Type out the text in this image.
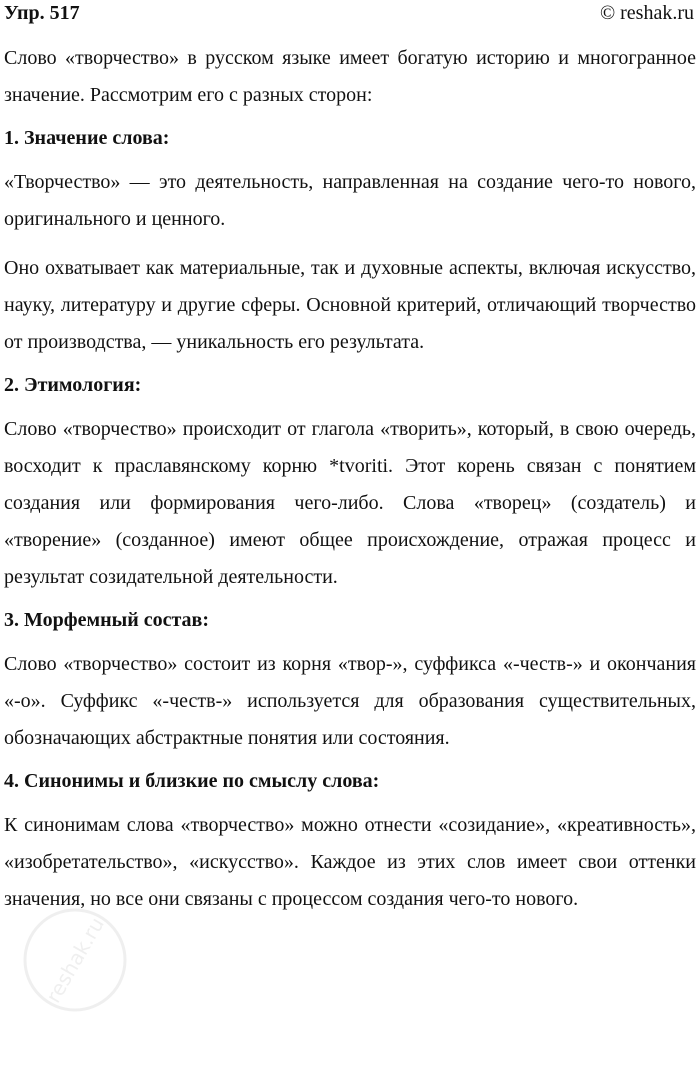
Упр. 517	© reshak.ru

Слово «творчество» в русском языке имеет богатую историю и многогранное значение. Рассмотрим его с разных сторон:

1. Значение слова:

«Творчество» — это деятельность, направленная на создание чего-то нового, оригинального и ценного.

Оно охватывает как материальные, так и духовные аспекты, включая искусство, науку, литературу и другие сферы. Основной критерий, отличающий творчество от производства, — уникальность его результата.

2. Этимология:

Слово «творчество» происходит от глагола «творить», который, в свою очередь, восходит к праславянскому корню *tvoriti. Этот корень связан с понятием создания или формирования чего-либо. Слова «творец» (создатель) и «творение» (созданное) имеют общее происхождение, отражая процесс и результат созидательной деятельности.

3. Морфемный состав:

Слово «творчество» состоит из корня «твор-», суффикса «-честв-» и окончания «-о». Суффикс «-честв-» используется для образования существительных, обозначающих абстрактные понятия или состояния.

4. Синонимы и близкие по смыслу слова:

К синонимам слова «творчество» можно отнести «созидание», «креативность», «изобретательство», «искусство». Каждое из этих слов имеет свои оттенки значения, но все они связаны с процессом создания чего-то нового.

reshak.ru
